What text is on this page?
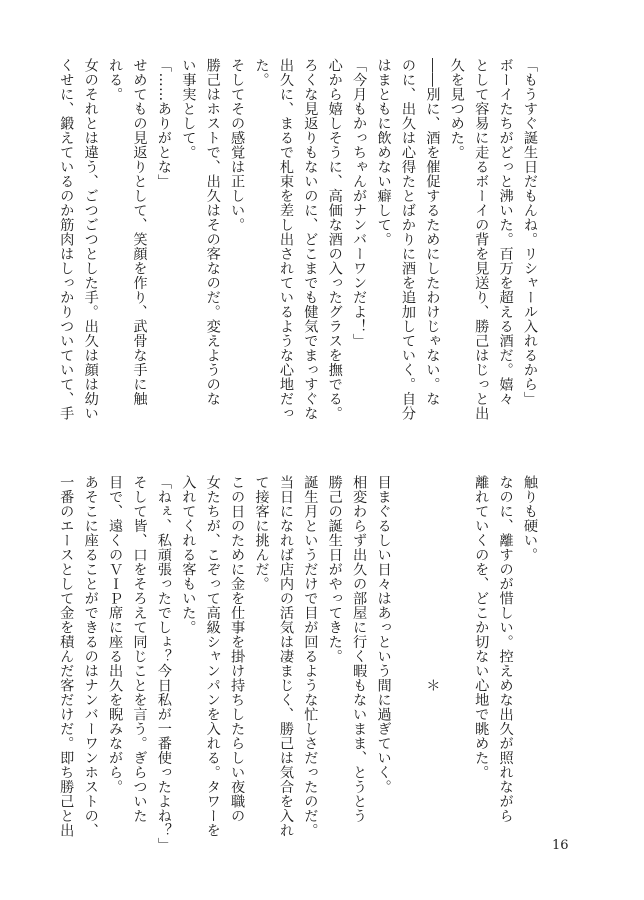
「もうすぐ誕生日だもんね。リシャール入れるから」
ボーイたちがどっと沸いた。百万を超える酒だ。嬉々
として容易に走るボーイの背を見送り、勝己はじっと出
久を見つめた。
――別に、酒を催促するためにしたわけじゃない。な
のに、出久は心得たとばかりに酒を追加していく。自分
はまともに飲めない癖して。
「今月もかっちゃんがナンバーワンだよ！」
心から嬉しそうに、高価な酒の入ったグラスを撫でる。
ろくな見返りもないのに、どこまでも健気でまっすぐな
出久に、まるで札束を差し出されているような心地だっ
た。
そしてその感覚は正しい。
勝己はホストで、出久はその客なのだ。変えようのな
い事実として。
「……ありがとな」
せめてもの見返りとして、笑顔を作り、武骨な手に触
れる。
女のそれとは違う、ごつごつとした手。出久は顔は幼い
くせに、鍛えているのか筋肉はしっかりついていて、手
触りも硬い。
なのに、離すのが惜しい。控えめな出久が照れながら
離れていくのを、どこか切ない心地で眺めた。

　　　　　　　　　　　　　　＊

目まぐるしい日々はあっという間に過ぎていく。
相変わらず出久の部屋に行く暇もないまま、とうとう
勝己の誕生日がやってきた。
誕生月というだけで目が回るような忙しさだったのだ。
当日になれば店内の活気は凄まじく、勝己は気合を入れ
て接客に挑んだ。
この日のために金を仕事を掛け持ちしたらしい夜職の
女たちが、こぞって高級シャンパンを入れる。タワーを
入れてくれる客もいた。
「ねぇ、私頑張ったでしょ？今日私が一番使ったよね？」
そして皆、口をそろえて同じことを言う。ぎらついた
目で、遠くのＶＩＰ席に座る出久を睨みながら。
あそこに座ることができるのはナンバーワンホストの、
一番のエースとして金を積んだ客だけだ。即ち勝己と出
16
